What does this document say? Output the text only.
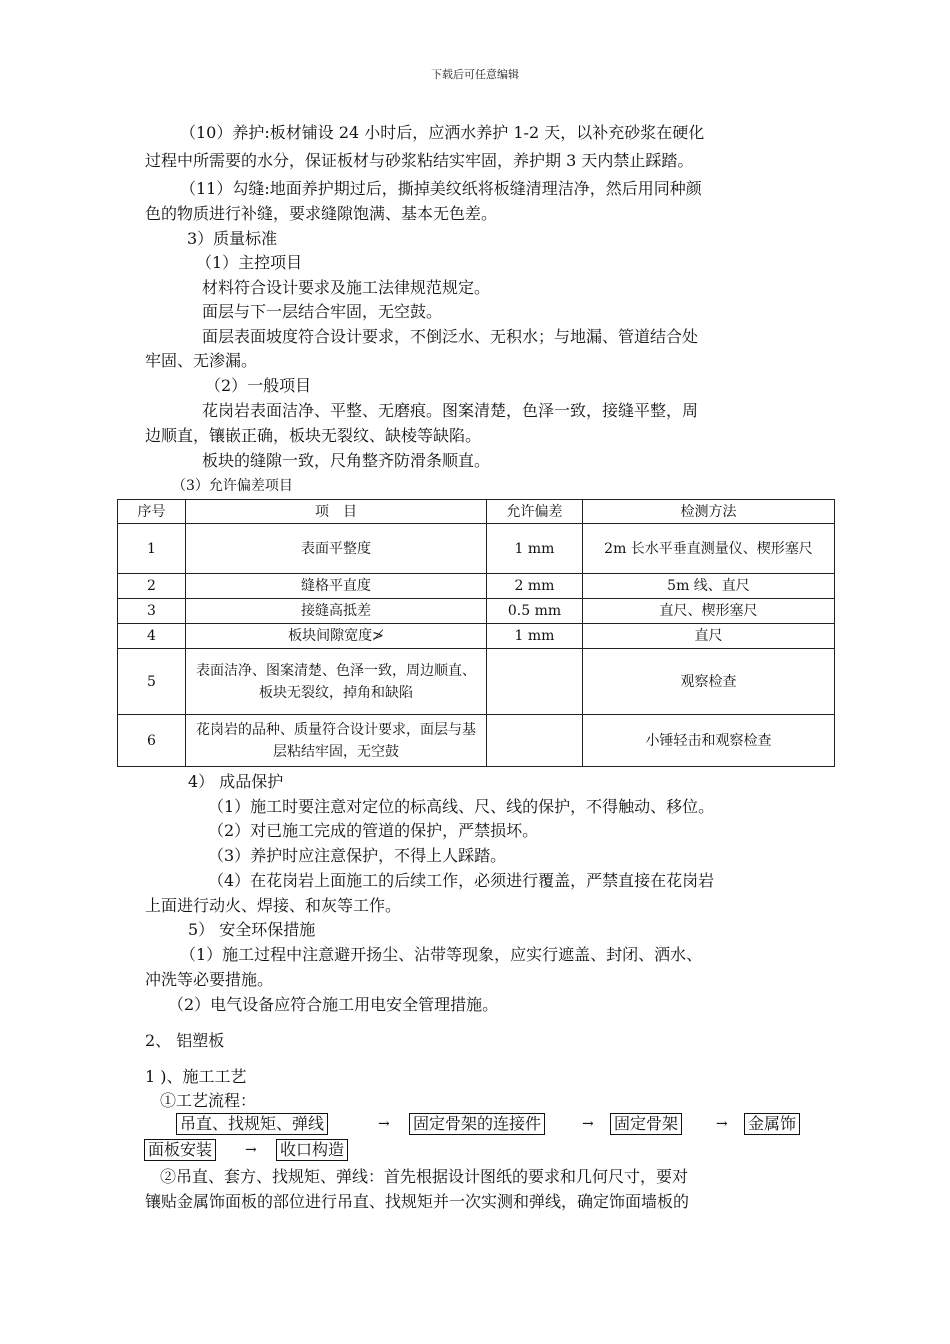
下载后可任意编辑
（10）养护:板材铺设 24 小时后，应洒水养护 1-2 天，以补充砂浆在硬化
过程中所需要的水分，保证板材与砂浆粘结实牢固，养护期 3 天内禁止踩踏。
（11）勾缝:地面养护期过后，撕掉美纹纸将板缝清理洁净，然后用同种颜
色的物质进行补缝，要求缝隙饱满、基本无色差。
3）质量标准
（1）主控项目
材料符合设计要求及施工法律规范规定。
面层与下一层结合牢固，无空鼓。
面层表面坡度符合设计要求，不倒泛水、无积水；与地漏、管道结合处
牢固、无渗漏。
（2）一般项目
花岗岩表面洁净、平整、无磨痕。图案清楚，色泽一致，接缝平整，周
边顺直，镶嵌正确，板块无裂纹、缺棱等缺陷。
板块的缝隙一致，尺角整齐防滑条顺直。
（3）允许偏差项目
序号	项　目	允许偏差	检测方法
1	表面平整度	1 mm	2m 长水平垂直测量仪、楔形塞尺
2	缝格平直度	2 mm	5m 线、直尺
3	接缝高抵差	0.5 mm	直尺、楔形塞尺
4	板块间隙宽度≯	1 mm	直尺
5	表面洁净、图案清楚、色泽一致，周边顺直、板块无裂纹，掉角和缺陷		观察检查
6	花岗岩的品种、质量符合设计要求，面层与基层粘结牢固，无空鼓		小锤轻击和观察检查
4） 成品保护
（1）施工时要注意对定位的标高线、尺、线的保护，不得触动、移位。
（2）对已施工完成的管道的保护，严禁损坏。
（3）养护时应注意保护，不得上人踩踏。
（4）在花岗岩上面施工的后续工作，必须进行覆盖，严禁直接在花岗岩
上面进行动火、焊接、和灰等工作。
5） 安全环保措施
（1）施工过程中注意避开扬尘、沾带等现象，应实行遮盖、封闭、洒水、
冲洗等必要措施。
（2）电气设备应符合施工用电安全管理措施。
2、 铝塑板
1 )、施工工艺
①工艺流程：
吊直、找规矩、弹线	→ 固定骨架的连接件	→ 固定骨架	→ 金属饰
面板安装 → 收口构造
②吊直、套方、找规矩、弹线：首先根据设计图纸的要求和几何尺寸，要对
镶贴金属饰面板的部位进行吊直、找规矩并一次实测和弹线，确定饰面墙板的
